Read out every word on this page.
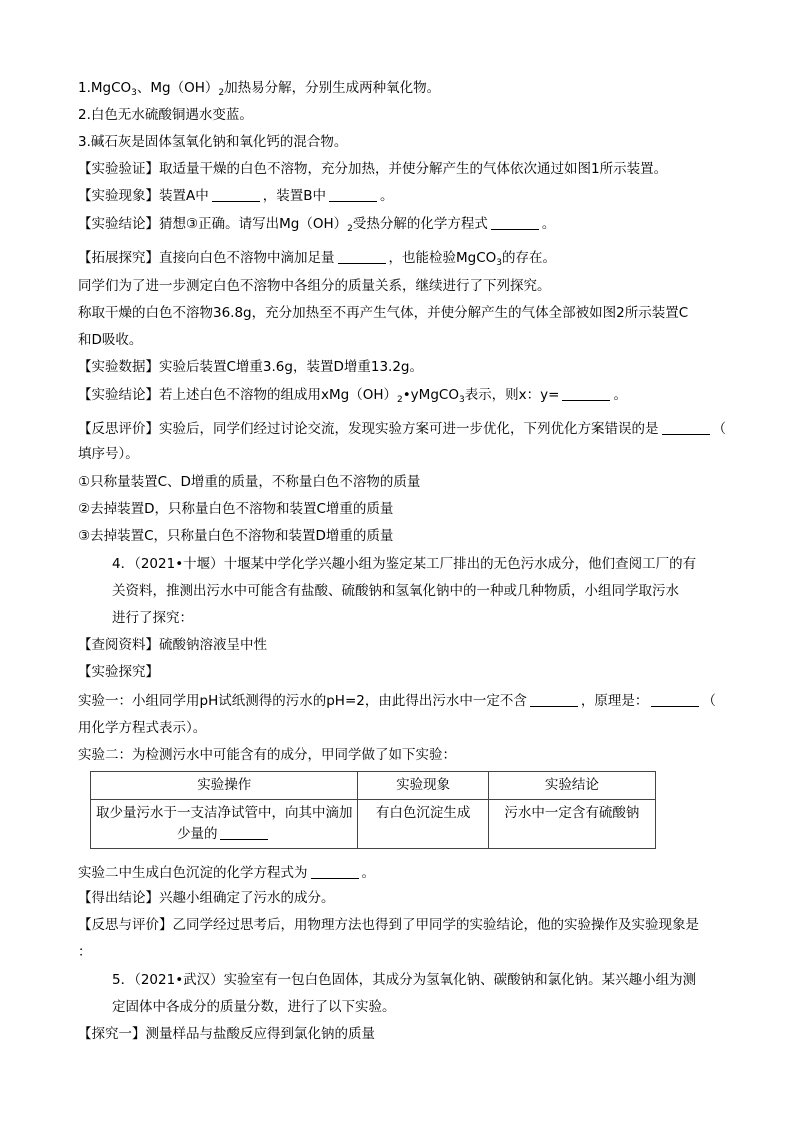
1.MgCO$_3$、$Mg(OH)_2$加热易分解，分别生成两种氧化物。
2.白色无水硫酸铜遇水变蓝。
3.碱石灰是固体氢氧化钠和氧化钙的混合物。
【实验验证】取适量干燥的白色不溶物，充分加热，并使分解产生的气体依次通过如图1所示装置。
【实验现象】装置A中	，装置B中	。
【实验结论】猜想③正确。请写出$Mg(OH)_2$受热分解的化学方程式	。
【拓展探究】直接向白色不溶物中滴加足量	，也能检验MgCO$_3$的存在。
同学们为了进一步测定白色不溶物中各组分的质量关系，继续进行了下列探究。
称取干燥的白色不溶物36.8g，充分加热至不再产生气体，并使分解产生的气体全部被如图2所示装置C
和D吸收。
【实验数据】实验后装置C增重3.6g，装置D增重13.2g。
【实验结论】若上述白色不溶物的组成用$xMg(OH)_2•yMgCO_3$表示，则x：y=	。
【反思评价】实验后，同学们经过讨论交流，发现实验方案可进一步优化，下列优化方案错误的是	（
填序号）。
①只称量装置C、D增重的质量，不称量白色不溶物的质量
②去掉装置D，只称量白色不溶物和装置C增重的质量
③去掉装置C，只称量白色不溶物和装置D增重的质量
4．（2021•十堰）十堰某中学化学兴趣小组为鉴定某工厂排出的无色污水成分，他们查阅工厂的有
关资料，推测出污水中可能含有盐酸、硫酸钠和氢氧化钠中的一种或几种物质，小组同学取污水
进行了探究：
【查阅资料】硫酸钠溶液呈中性
【实验探究】
实验一：小组同学用pH试纸测得的污水的pH=2，由此得出污水中一定不含	，原理是：	（
用化学方程式表示）。
实验二：为检测污水中可能含有的成分，甲同学做了如下实验：
实验操作	实验现象	实验结论
取少量污水于一支洁净试管中，向其中滴加
少量的	有白色沉淀生成	污水中一定含有硫酸钠
实验二中生成白色沉淀的化学方程式为	。
【得出结论】兴趣小组确定了污水的成分。
【反思与评价】乙同学经过思考后，用物理方法也得到了甲同学的实验结论，他的实验操作及实验现象是
：
5．（2021•武汉）实验室有一包白色固体，其成分为氢氧化钠、碳酸钠和氯化钠。某兴趣小组为测
定固体中各成分的质量分数，进行了以下实验。
【探究一】测量样品与盐酸反应得到氯化钠的质量
